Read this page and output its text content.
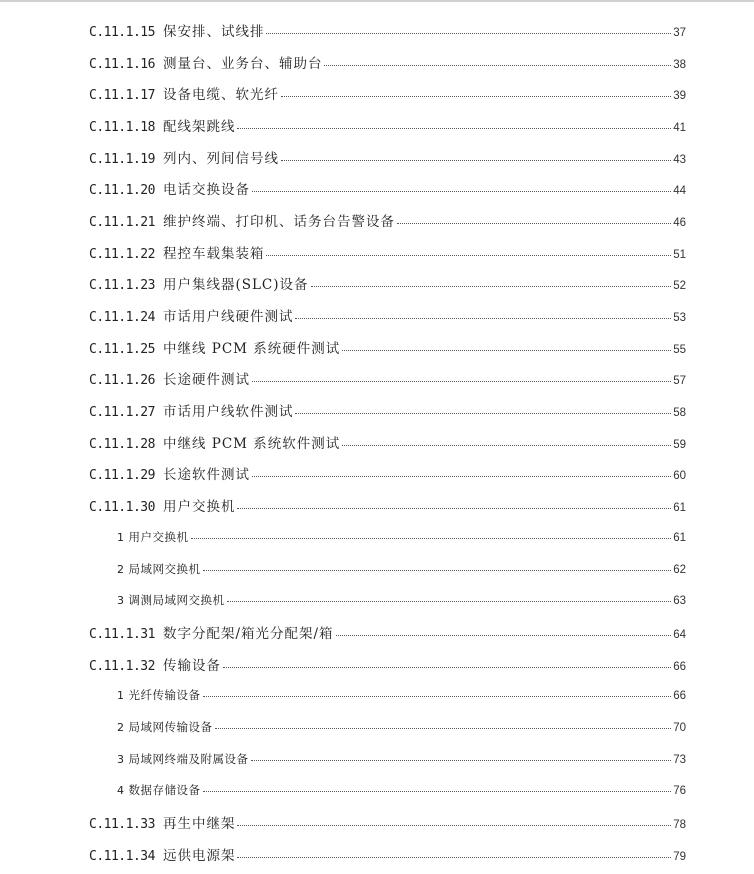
C.11.1.15 保安排、试线排	37
C.11.1.16 测量台、业务台、辅助台	38
C.11.1.17 设备电缆、软光纤	39
C.11.1.18 配线架跳线	41
C.11.1.19 列内、列间信号线	43
C.11.1.20 电话交换设备	44
C.11.1.21 维护终端、打印机、话务台告警设备	46
C.11.1.22 程控车载集装箱	51
C.11.1.23 用户集线器(SLC)设备	52
C.11.1.24 市话用户线硬件测试	53
C.11.1.25 中继线 PCM 系统硬件测试	55
C.11.1.26 长途硬件测试	57
C.11.1.27 市话用户线软件测试	58
C.11.1.28 中继线 PCM 系统软件测试	59
C.11.1.29 长途软件测试	60
C.11.1.30 用户交换机	61
1 用户交换机	61
2 局域网交换机	62
3 调测局域网交换机	63
C.11.1.31 数字分配架/箱光分配架/箱	64
C.11.1.32 传输设备	66
1 光纤传输设备	66
2 局域网传输设备	70
3 局域网终端及附属设备	73
4 数据存储设备	76
C.11.1.33 再生中继架	78
C.11.1.34 远供电源架	79
